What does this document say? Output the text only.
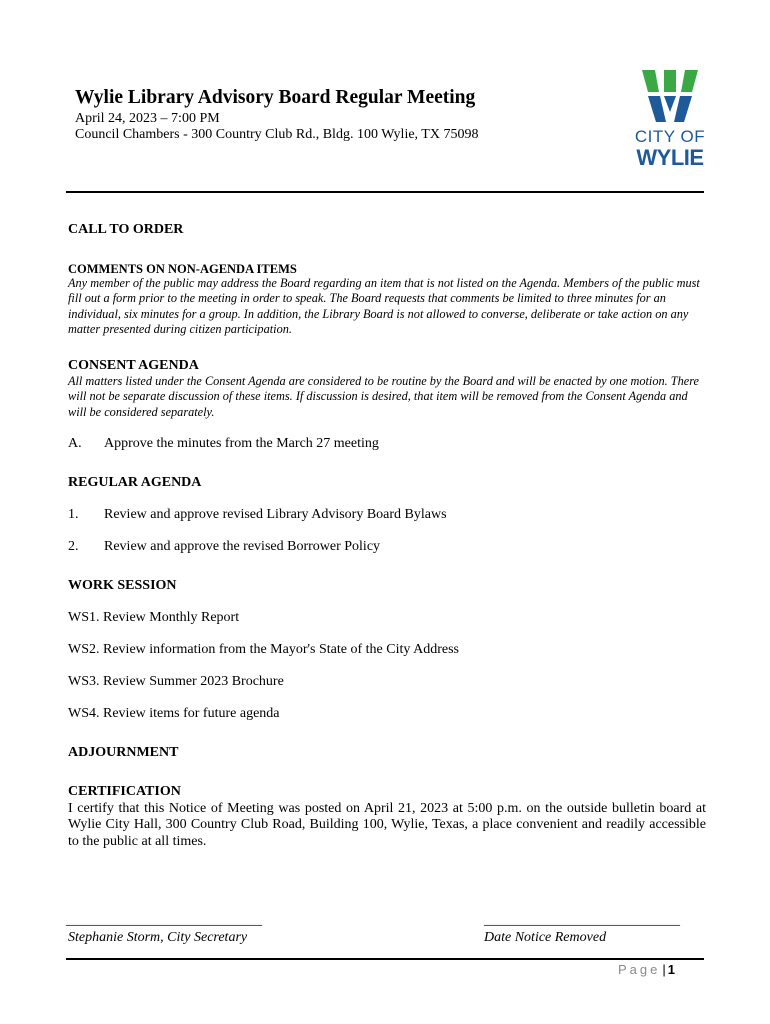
Wylie Library Advisory Board Regular Meeting
April 24, 2023 – 7:00 PM
Council Chambers - 300 Country Club Rd., Bldg. 100 Wylie, TX 75098	CITY OF
WYLIE
CALL TO ORDER
COMMENTS ON NON-AGENDA ITEMS
Any member of the public may address the Board regarding an item that is not listed on the Agenda. Members of the public must fill out a form prior to the meeting in order to speak. The Board requests that comments be limited to three minutes for an individual, six minutes for a group. In addition, the Library Board is not allowed to converse, deliberate or take action on any matter presented during citizen participation.
CONSENT AGENDA
All matters listed under the Consent Agenda are considered to be routine by the Board and will be enacted by one motion. There will not be separate discussion of these items. If discussion is desired, that item will be removed from the Consent Agenda and will be considered separately.
A. Approve the minutes from the March 27 meeting
REGULAR AGENDA
1. Review and approve revised Library Advisory Board Bylaws
2. Review and approve the revised Borrower Policy
WORK SESSION
WS1. Review Monthly Report
WS2. Review information from the Mayor's State of the City Address
WS3. Review Summer 2023 Brochure
WS4. Review items for future agenda
ADJOURNMENT
CERTIFICATION
I certify that this Notice of Meeting was posted on April 21, 2023 at 5:00 p.m. on the outside bulletin board at Wylie City Hall, 300 Country Club Road, Building 100, Wylie, Texas, a place convenient and readily accessible to the public at all times.
____________________________
Stephanie Storm, City Secretary
____________________________
Date Notice Removed
Page | 1
